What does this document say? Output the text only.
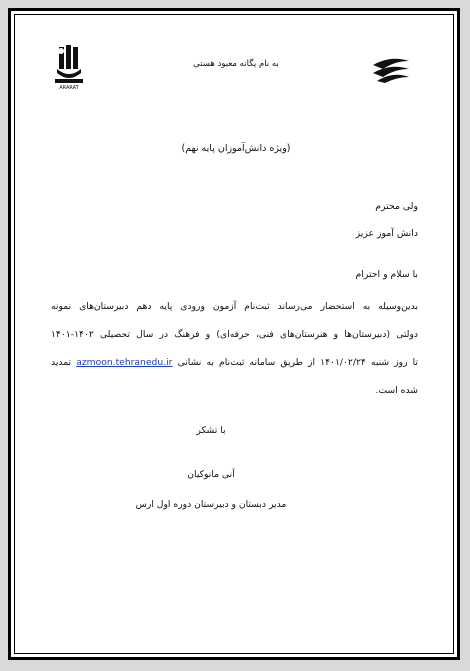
ARARAT
به نام یگانه معبود هستی
(ویژه دانش‌آموزان پایه نهم)
ولی محترم
دانش آموز عزیز
با سلام و احترام
بدین‌وسیله به استحضار می‌رساند ثبت‌نام آزمون ورودی پایه دهم دبیرستان‌های نمونه
دولتی (دبیرستان‌ها و هنرستان‌های فنی، حرفه‌ای) و فرهنگ در سال تحصیلی ۱۴۰۲-۱۴۰۱
تا روز شنبه ۱۴۰۱/۰۲/۲۴ از طریق سامانه ثبت‌نام به نشانی azmoon.tehranedu.ir تمدید
شده است.
با تشکر
آنی مانوکیان
مدیر دبستان و دبیرستان دوره اول ارس
